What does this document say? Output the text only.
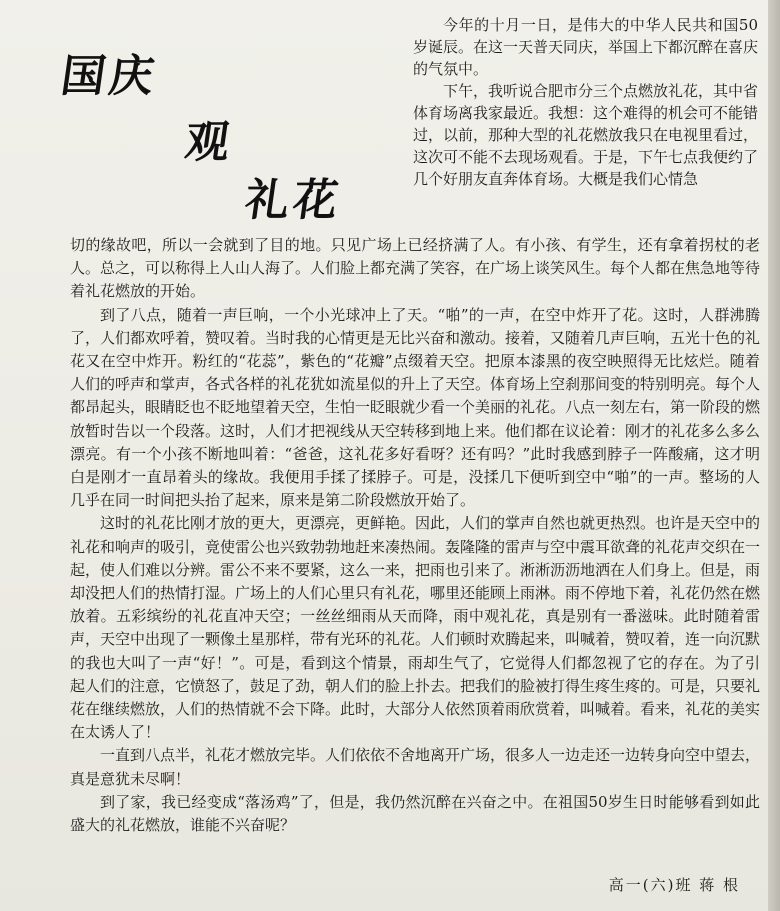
国庆
观
礼花

今年的十月一日，是伟大的中华人民共和国50岁诞辰。在这一天普天同庆，举国上下都沉醉在喜庆的气氛中。

下午，我听说合肥市分三个点燃放礼花，其中省体育场离我家最近。我想：这个难得的机会可不能错过，以前，那种大型的礼花燃放我只在电视里看过，这次可不能不去现场观看。于是，下午七点我便约了几个好朋友直奔体育场。大概是我们心情急

切的缘故吧，所以一会就到了目的地。只见广场上已经挤满了人。有小孩、有学生，还有拿着拐杖的老人。总之，可以称得上人山人海了。人们脸上都充满了笑容，在广场上谈笑风生。每个人都在焦急地等待着礼花燃放的开始。

到了八点，随着一声巨响，一个小光球冲上了天。“啪”的一声，在空中炸开了花。这时，人群沸腾了，人们都欢呼着，赞叹着。当时我的心情更是无比兴奋和激动。接着，又随着几声巨响，五光十色的礼花又在空中炸开。粉红的“花蕊”，紫色的“花瓣”点缀着天空。把原本漆黑的夜空映照得无比炫烂。随着人们的呼声和掌声，各式各样的礼花犹如流星似的升上了天空。体育场上空刹那间变的特别明亮。每个人都昂起头，眼睛眨也不眨地望着天空，生怕一眨眼就少看一个美丽的礼花。八点一刻左右，第一阶段的燃放暂时告以一个段落。这时，人们才把视线从天空转移到地上来。他们都在议论着：刚才的礼花多么多么漂亮。有一个小孩不断地叫着：“爸爸，这礼花多好看呀？还有吗？”此时我感到脖子一阵酸痛，这才明白是刚才一直昂着头的缘故。我便用手揉了揉脖子。可是，没揉几下便听到空中“啪”的一声。整场的人几乎在同一时间把头抬了起来，原来是第二阶段燃放开始了。

这时的礼花比刚才放的更大，更漂亮，更鲜艳。因此，人们的掌声自然也就更热烈。也许是天空中的礼花和响声的吸引，竟使雷公也兴致勃勃地赶来凑热闹。轰隆隆的雷声与空中震耳欲聋的礼花声交织在一起，使人们难以分辨。雷公不来不要紧，这么一来，把雨也引来了。淅淅沥沥地洒在人们身上。但是，雨却没把人们的热情打湿。广场上的人们心里只有礼花，哪里还能顾上雨淋。雨不停地下着，礼花仍然在燃放着。五彩缤纷的礼花直冲天空；一丝丝细雨从天而降，雨中观礼花，真是别有一番滋味。此时随着雷声，天空中出现了一颗像土星那样，带有光环的礼花。人们顿时欢腾起来，叫喊着，赞叹着，连一向沉默的我也大叫了一声“好！”。可是，看到这个情景，雨却生气了，它觉得人们都忽视了它的存在。为了引起人们的注意，它愤怒了，鼓足了劲，朝人们的脸上扑去。把我们的脸被打得生疼生疼的。可是，只要礼花在继续燃放，人们的热情就不会下降。此时，大部分人依然顶着雨欣赏着，叫喊着。看来，礼花的美实在太诱人了！

一直到八点半，礼花才燃放完毕。人们依依不舍地离开广场，很多人一边走还一边转身向空中望去，真是意犹未尽啊！

到了家，我已经变成“落汤鸡”了，但是，我仍然沉醉在兴奋之中。在祖国50岁生日时能够看到如此盛大的礼花燃放，谁能不兴奋呢？

高一(六)班 蒋 根
